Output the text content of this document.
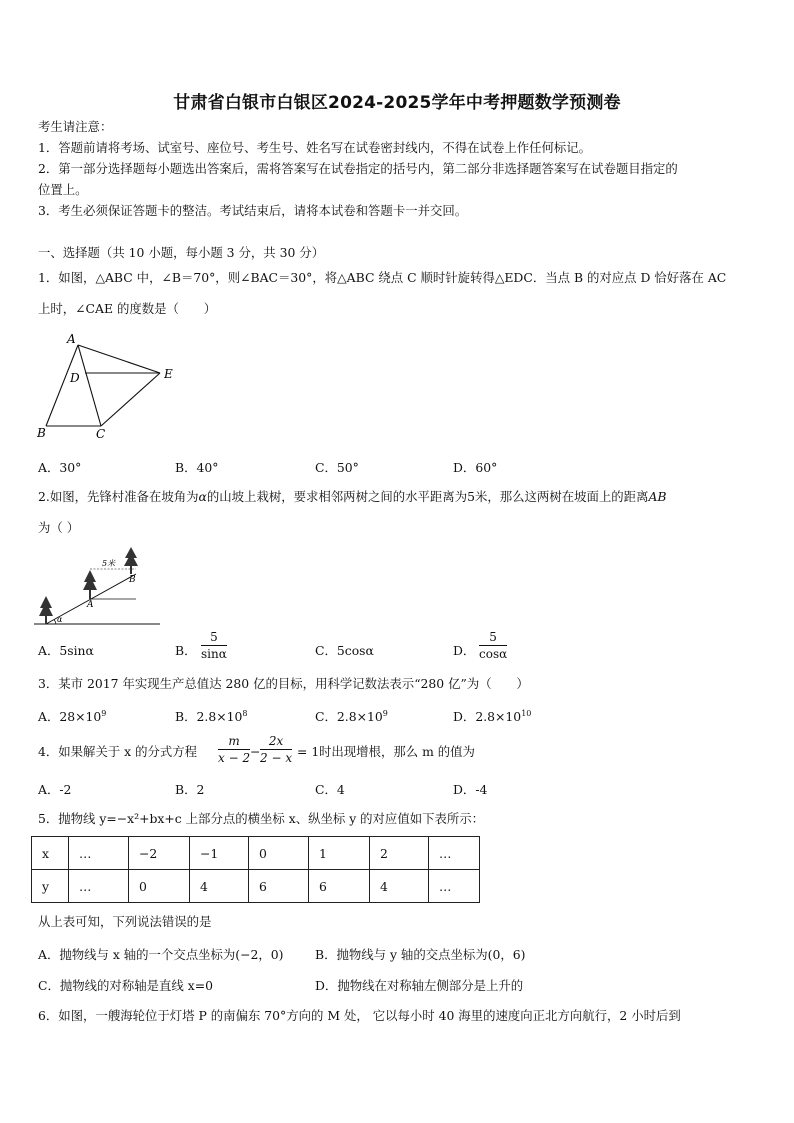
甘肃省白银市白银区2024-2025学年中考押题数学预测卷
考生请注意：
1．答题前请将考场、试室号、座位号、考生号、姓名写在试卷密封线内，不得在试卷上作任何标记。
2．第一部分选择题每小题选出答案后，需将答案写在试卷指定的括号内，第二部分非选择题答案写在试卷题目指定的
位置上。
3．考生必须保证答题卡的整洁。考试结束后，请将本试卷和答题卡一并交回。
一、选择题（共 10 小题，每小题 3 分，共 30 分）
1．如图，△ABC 中，∠B＝70°，则∠BAC＝30°，将△ABC 绕点 C 顺时针旋转得△EDC．当点 B 的对应点 D 恰好落在 AC
上时，∠CAE 的度数是（　　）
A
D	E
B	C
A．30°	B．40°	C．50°	D．60°
2.如图，先锋村准备在坡角为α的山坡上栽树，要求相邻两树之间的水平距离为5米，那么这两树在坡面上的距离AB
为（ ）
5米
A
B
α
A．5sinα	B． $\frac{5}{\sin\alpha}$	C．5cosα	D． $\frac{5}{\cos\alpha}$
3．某市 2017 年实现生产总值达 280 亿的目标，用科学记数法表示“280 亿”为（　　）
A．$28\times 10^9$	B．$2.8\times 10^8$	C．$2.8\times 10^9$	D．$2.8\times 10^{10}$
4．如果解关于 x 的分式方程 $\frac{m}{x - 2} - \frac{2x}{2 - x} = 1$ 时出现增根，那么 m 的值为
A．-2	B．2	C．4	D．-4
5．抛物线 y=−x²+bx+c 上部分点的横坐标 x、纵坐标 y 的对应值如下表所示：
x	…	−2	−1	0	1	2	…
y	…	0	4	6	6	4	…
从上表可知，下列说法错误的是
A．抛物线与 x 轴的一个交点坐标为(−2，0)	B．抛物线与 y 轴的交点坐标为(0，6)
C．抛物线的对称轴是直线 x=0	D．抛物线在对称轴左侧部分是上升的
6．如图，一艘海轮位于灯塔 P 的南偏东 70°方向的 M 处， 它以每小时 40 海里的速度向正北方向航行，2 小时后到
